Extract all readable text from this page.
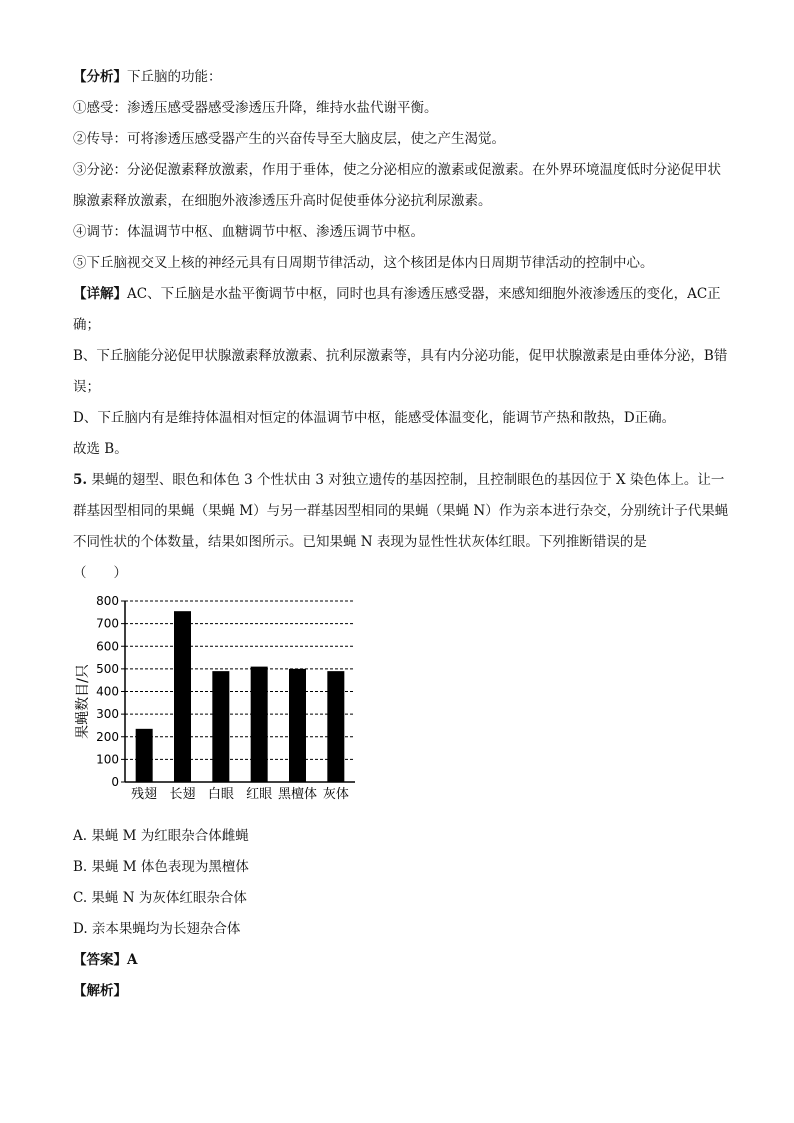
【分析】下丘脑的功能：
①感受：渗透压感受器感受渗透压升降，维持水盐代谢平衡。
②传导：可将渗透压感受器产生的兴奋传导至大脑皮层，使之产生渴觉。
③分泌：分泌促激素释放激素，作用于垂体，使之分泌相应的激素或促激素。在外界环境温度低时分泌促甲状腺激素释放激素，在细胞外液渗透压升高时促使垂体分泌抗利尿激素。
④调节：体温调节中枢、血糖调节中枢、渗透压调节中枢。
⑤下丘脑视交叉上核的神经元具有日周期节律活动，这个核团是体内日周期节律活动的控制中心。
【详解】AC、下丘脑是水盐平衡调节中枢，同时也具有渗透压感受器，来感知细胞外液渗透压的变化，AC正确；
B、下丘脑能分泌促甲状腺激素释放激素、抗利尿激素等，具有内分泌功能，促甲状腺激素是由垂体分泌，B错误；
D、下丘脑内有是维持体温相对恒定的体温调节中枢，能感受体温变化，能调节产热和散热，D正确。
故选 B。
5. 果蝇的翅型、眼色和体色 3 个性状由 3 对独立遗传的基因控制，且控制眼色的基因位于 X 染色体上。让一群基因型相同的果蝇（果蝇 M）与另一群基因型相同的果蝇（果蝇 N）作为亲本进行杂交，分别统计子代果蝇不同性状的个体数量，结果如图所示。已知果蝇 N 表现为显性性状灰体红眼。下列推断错误的是
（　　）
0
100
200
300
400
500
600
700
800
残翅 长翅 白眼 红眼 黑檀体 灰体
果蝇数目/只
A. 果蝇 M 为红眼杂合体雌蝇
B. 果蝇 M 体色表现为黑檀体
C. 果蝇 N 为灰体红眼杂合体
D. 亲本果蝇均为长翅杂合体
【答案】A
【解析】
